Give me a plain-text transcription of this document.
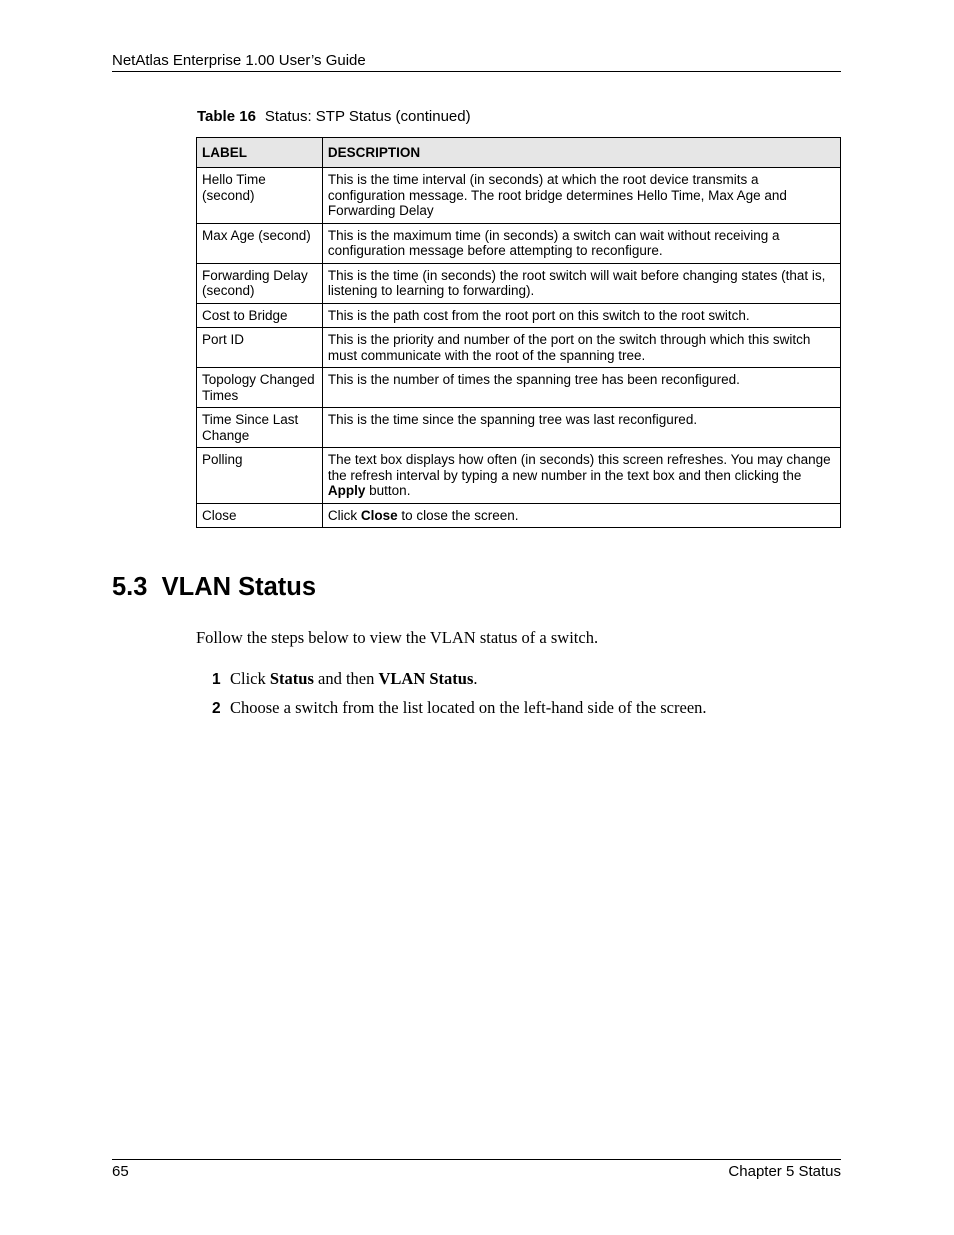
NetAtlas Enterprise 1.00 User’s Guide
Table 16 Status: STP Status (continued)
LABEL	DESCRIPTION
Hello Time (second)	This is the time interval (in seconds) at which the root device transmits a configuration message. The root bridge determines Hello Time, Max Age and Forwarding Delay
Max Age (second)	This is the maximum time (in seconds) a switch can wait without receiving a configuration message before attempting to reconfigure.
Forwarding Delay (second)	This is the time (in seconds) the root switch will wait before changing states (that is, listening to learning to forwarding).
Cost to Bridge	This is the path cost from the root port on this switch to the root switch.
Port ID	This is the priority and number of the port on the switch through which this switch must communicate with the root of the spanning tree.
Topology Changed Times	This is the number of times the spanning tree has been reconfigured.
Time Since Last Change	This is the time since the spanning tree was last reconfigured.
Polling	The text box displays how often (in seconds) this screen refreshes. You may change the refresh interval by typing a new number in the text box and then clicking the Apply button.
Close	Click Close to close the screen.
5.3  VLAN Status

Follow the steps below to view the VLAN status of a switch.

1 Click Status and then VLAN Status.

2 Choose a switch from the list located on the left-hand side of the screen.

65	Chapter 5 Status
